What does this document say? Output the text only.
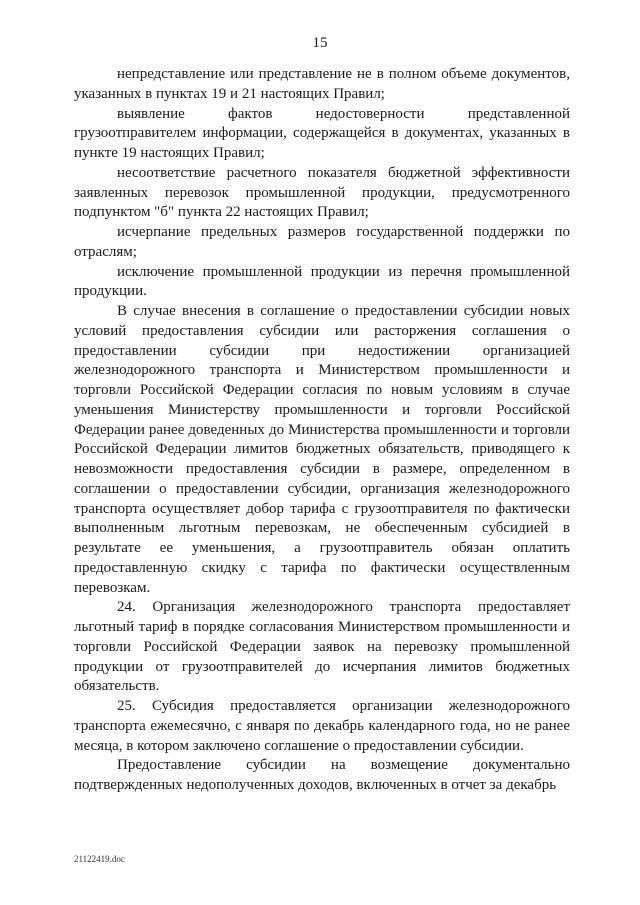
15

непредставление или представление не в полном объеме документов, указанных в пунктах 19 и 21 настоящих Правил;

выявление фактов недостоверности представленной грузоотправителем информации, содержащейся в документах, указанных в пункте 19 настоящих Правил;

несоответствие расчетного показателя бюджетной эффективности заявленных перевозок промышленной продукции, предусмотренного подпунктом "б" пункта 22 настоящих Правил;

исчерпание предельных размеров государственной поддержки по отраслям;

исключение промышленной продукции из перечня промышленной продукции.

В случае внесения в соглашение о предоставлении субсидии новых условий предоставления субсидии или расторжения соглашения о предоставлении субсидии при недостижении организацией железнодорожного транспорта и Министерством промышленности и торговли Российской Федерации согласия по новым условиям в случае уменьшения Министерству промышленности и торговли Российской Федерации ранее доведенных до Министерства промышленности и торговли Российской Федерации лимитов бюджетных обязательств, приводящего к невозможности предоставления субсидии в размере, определенном в соглашении о предоставлении субсидии, организация железнодорожного транспорта осуществляет добор тарифа с грузоотправителя по фактически выполненным льготным перевозкам, не обеспеченным субсидией в результате ее уменьшения, а грузоотправитель обязан оплатить предоставленную скидку с тарифа по фактически осуществленным перевозкам.

24. Организация железнодорожного транспорта предоставляет льготный тариф в порядке согласования Министерством промышленности и торговли Российской Федерации заявок на перевозку промышленной продукции от грузоотправителей до исчерпания лимитов бюджетных обязательств.

25. Субсидия предоставляется организации железнодорожного транспорта ежемесячно, с января по декабрь календарного года, но не ранее месяца, в котором заключено соглашение о предоставлении субсидии.

Предоставление субсидии на возмещение документально подтвержденных недополученных доходов, включенных в отчет за декабрь

21122419.doc
